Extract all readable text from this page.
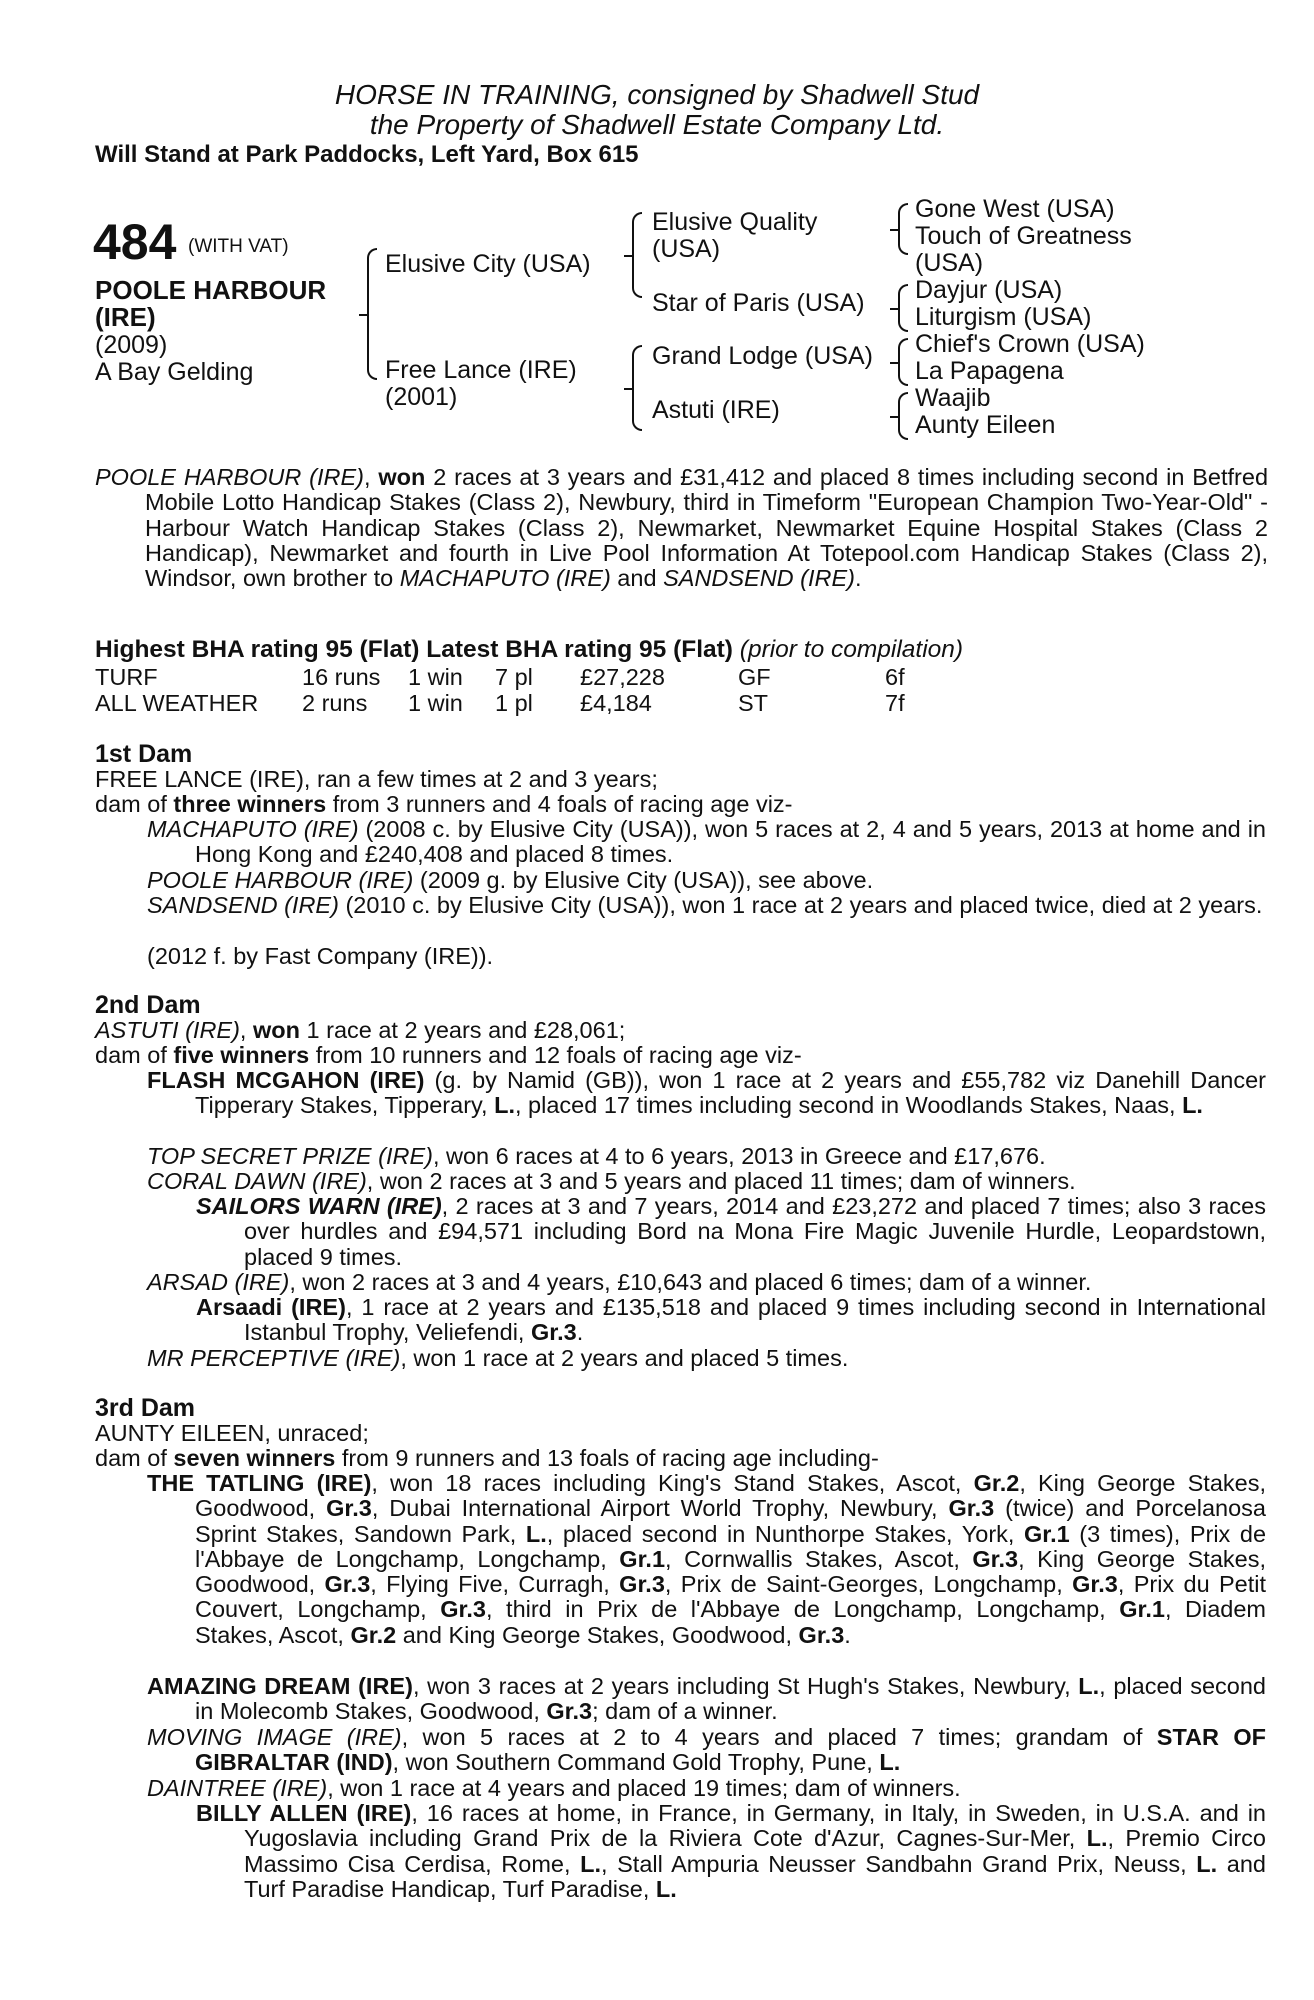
HORSE IN TRAINING, consigned by Shadwell Stud
the Property of Shadwell Estate Company Ltd.
Will Stand at Park Paddocks, Left Yard, Box 615
484 (WITH VAT)
POOLE HARBOUR
(IRE)
(2009)
A Bay Gelding
Elusive City (USA)
Free Lance (IRE)
(2001)
Elusive Quality
(USA)
Star of Paris (USA)
Grand Lodge (USA)
Astuti (IRE)
Gone West (USA)
Touch of Greatness
(USA)
Dayjur (USA)
Liturgism (USA)
Chief's Crown (USA)
La Papagena
Waajib
Aunty Eileen
POOLE HARBOUR (IRE), won 2 races at 3 years and £31,412 and placed 8 times including second in Betfred Mobile Lotto Handicap Stakes (Class 2), Newbury, third in Timeform "European Champion Two-Year-Old" - Harbour Watch Handicap Stakes (Class 2), Newmarket, Newmarket Equine Hospital Stakes (Class 2 Handicap), Newmarket and fourth in Live Pool Information At Totepool.com Handicap Stakes (Class 2), Windsor, own brother to MACHAPUTO (IRE) and SANDSEND (IRE).
Highest BHA rating 95 (Flat) Latest BHA rating 95 (Flat) (prior to compilation)
TURF	16 runs 1 win 7 pl £27,228	GF	6f
ALL WEATHER 2 runs 1 win 1 pl £4,184	ST	7f
1st Dam
FREE LANCE (IRE), ran a few times at 2 and 3 years;
dam of three winners from 3 runners and 4 foals of racing age viz-
MACHAPUTO (IRE) (2008 c. by Elusive City (USA)), won 5 races at 2, 4 and 5 years, 2013 at home and in Hong Kong and £240,408 and placed 8 times.
POOLE HARBOUR (IRE) (2009 g. by Elusive City (USA)), see above.
SANDSEND (IRE) (2010 c. by Elusive City (USA)), won 1 race at 2 years and placed twice, died at 2 years.
(2012 f. by Fast Company (IRE)).
2nd Dam
ASTUTI (IRE), won 1 race at 2 years and £28,061;
dam of five winners from 10 runners and 12 foals of racing age viz-
FLASH MCGAHON (IRE) (g. by Namid (GB)), won 1 race at 2 years and £55,782 viz Danehill Dancer Tipperary Stakes, Tipperary, L., placed 17 times including second in Woodlands Stakes, Naas, L.
TOP SECRET PRIZE (IRE), won 6 races at 4 to 6 years, 2013 in Greece and £17,676.
CORAL DAWN (IRE), won 2 races at 3 and 5 years and placed 11 times; dam of winners.
SAILORS WARN (IRE), 2 races at 3 and 7 years, 2014 and £23,272 and placed 7 times; also 3 races over hurdles and £94,571 including Bord na Mona Fire Magic Juvenile Hurdle, Leopardstown, placed 9 times.
ARSAD (IRE), won 2 races at 3 and 4 years, £10,643 and placed 6 times; dam of a winner.
Arsaadi (IRE), 1 race at 2 years and £135,518 and placed 9 times including second in International Istanbul Trophy, Veliefendi, Gr.3.
MR PERCEPTIVE (IRE), won 1 race at 2 years and placed 5 times.
3rd Dam
AUNTY EILEEN, unraced;
dam of seven winners from 9 runners and 13 foals of racing age including-
THE TATLING (IRE), won 18 races including King's Stand Stakes, Ascot, Gr.2, King George Stakes, Goodwood, Gr.3, Dubai International Airport World Trophy, Newbury, Gr.3 (twice) and Porcelanosa Sprint Stakes, Sandown Park, L., placed second in Nunthorpe Stakes, York, Gr.1 (3 times), Prix de l'Abbaye de Longchamp, Longchamp, Gr.1, Cornwallis Stakes, Ascot, Gr.3, King George Stakes, Goodwood, Gr.3, Flying Five, Curragh, Gr.3, Prix de Saint-Georges, Longchamp, Gr.3, Prix du Petit Couvert, Longchamp, Gr.3, third in Prix de l'Abbaye de Longchamp, Longchamp, Gr.1, Diadem Stakes, Ascot, Gr.2 and King George Stakes, Goodwood, Gr.3.
AMAZING DREAM (IRE), won 3 races at 2 years including St Hugh's Stakes, Newbury, L., placed second in Molecomb Stakes, Goodwood, Gr.3; dam of a winner.
MOVING IMAGE (IRE), won 5 races at 2 to 4 years and placed 7 times; grandam of STAR OF GIBRALTAR (IND), won Southern Command Gold Trophy, Pune, L.
DAINTREE (IRE), won 1 race at 4 years and placed 19 times; dam of winners.
BILLY ALLEN (IRE), 16 races at home, in France, in Germany, in Italy, in Sweden, in U.S.A. and in Yugoslavia including Grand Prix de la Riviera Cote d'Azur, Cagnes-Sur-Mer, L., Premio Circo Massimo Cisa Cerdisa, Rome, L., Stall Ampuria Neusser Sandbahn Grand Prix, Neuss, L. and Turf Paradise Handicap, Turf Paradise, L.
